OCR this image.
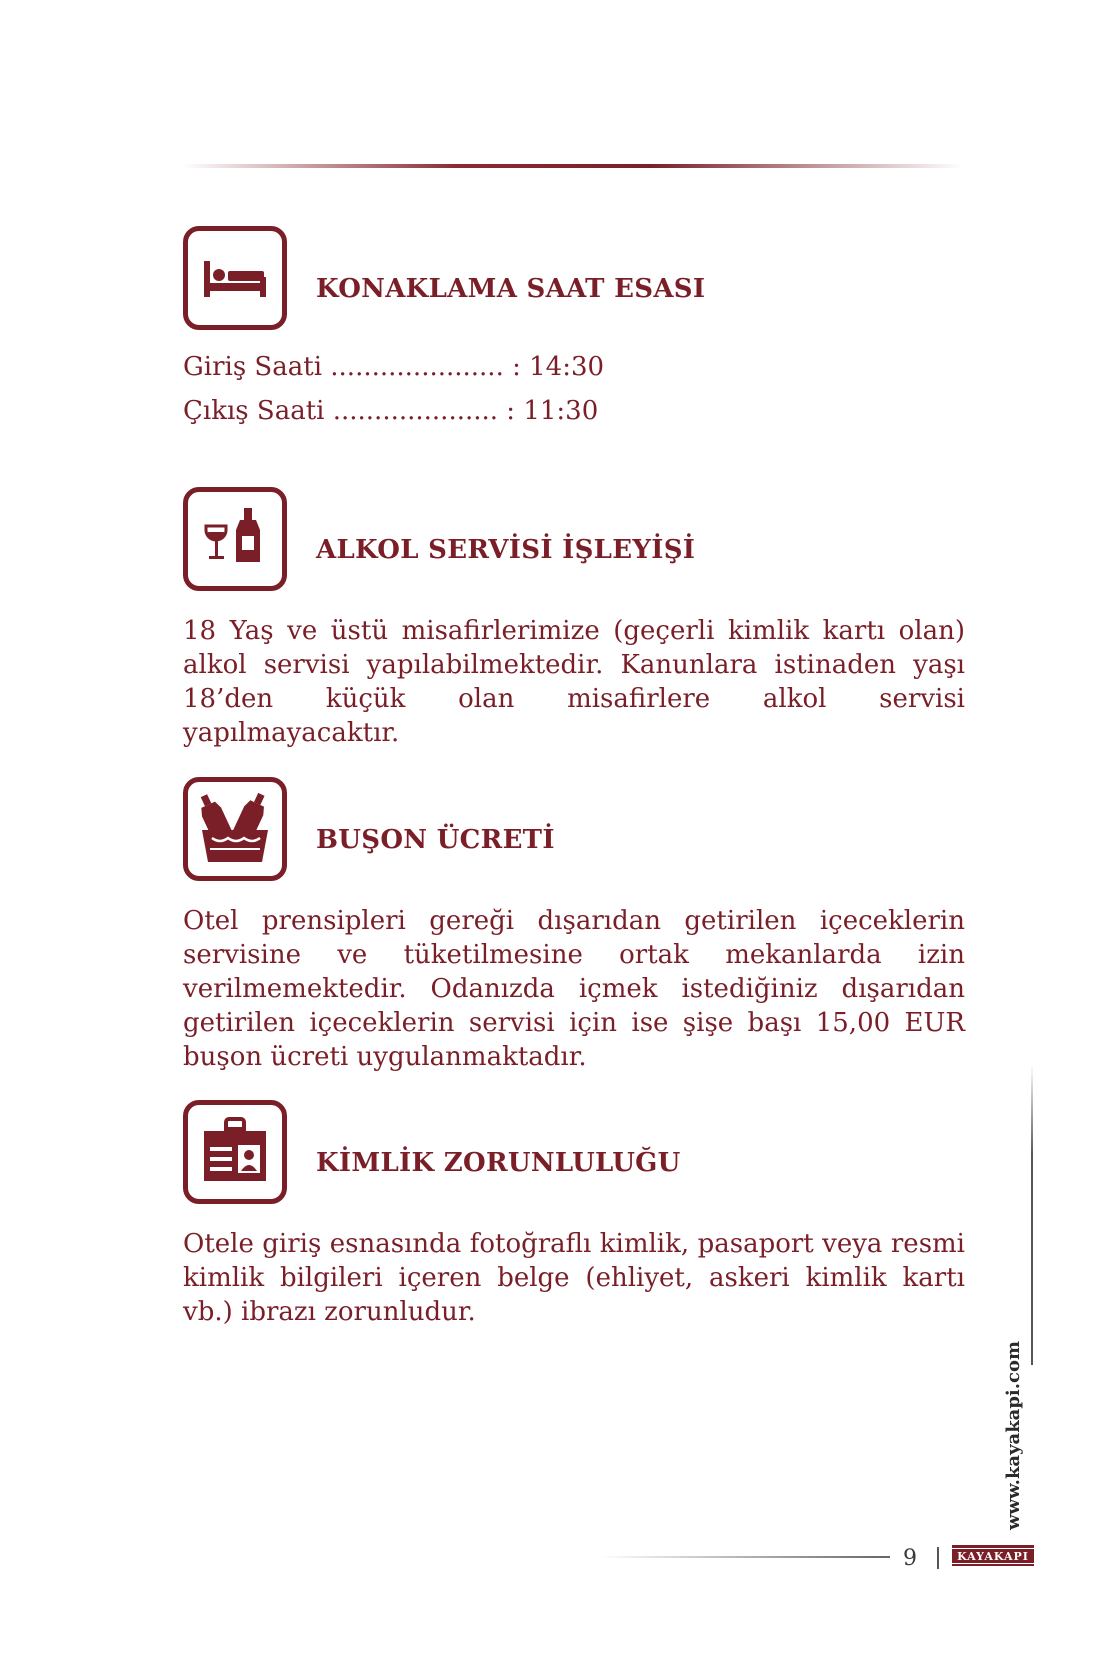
KONAKLAMA SAAT ESASI
Giriş Saati ..................... : 14:30
Çıkış Saati .................... : 11:30
ALKOL SERVİSİ İŞLEYİŞİ

18 Yaş ve üstü misafirlerimize (geçerli kimlik kartı olan) alkol servisi yapılabilmektedir. Kanunlara istinaden yaşı 18’den küçük olan misafirlere alkol servisi yapılmayacaktır.

BUŞON ÜCRETİ

Otel prensipleri gereği dışarıdan getirilen içeceklerin servisine ve tüketilmesine ortak mekanlarda izin verilmemektedir. Odanızda içmek istediğiniz dışarıdan getirilen içeceklerin servisi için ise şişe başı 15,00 EUR buşon ücreti uygulanmaktadır.

KİMLİK ZORUNLULUĞU

Otele giriş esnasında fotoğraflı kimlik, pasaport veya resmi kimlik bilgileri içeren belge (ehliyet, askeri kimlik kartı vb.) ibrazı zorunludur.

www.kayakapi.com
9	KAYAKAPI
